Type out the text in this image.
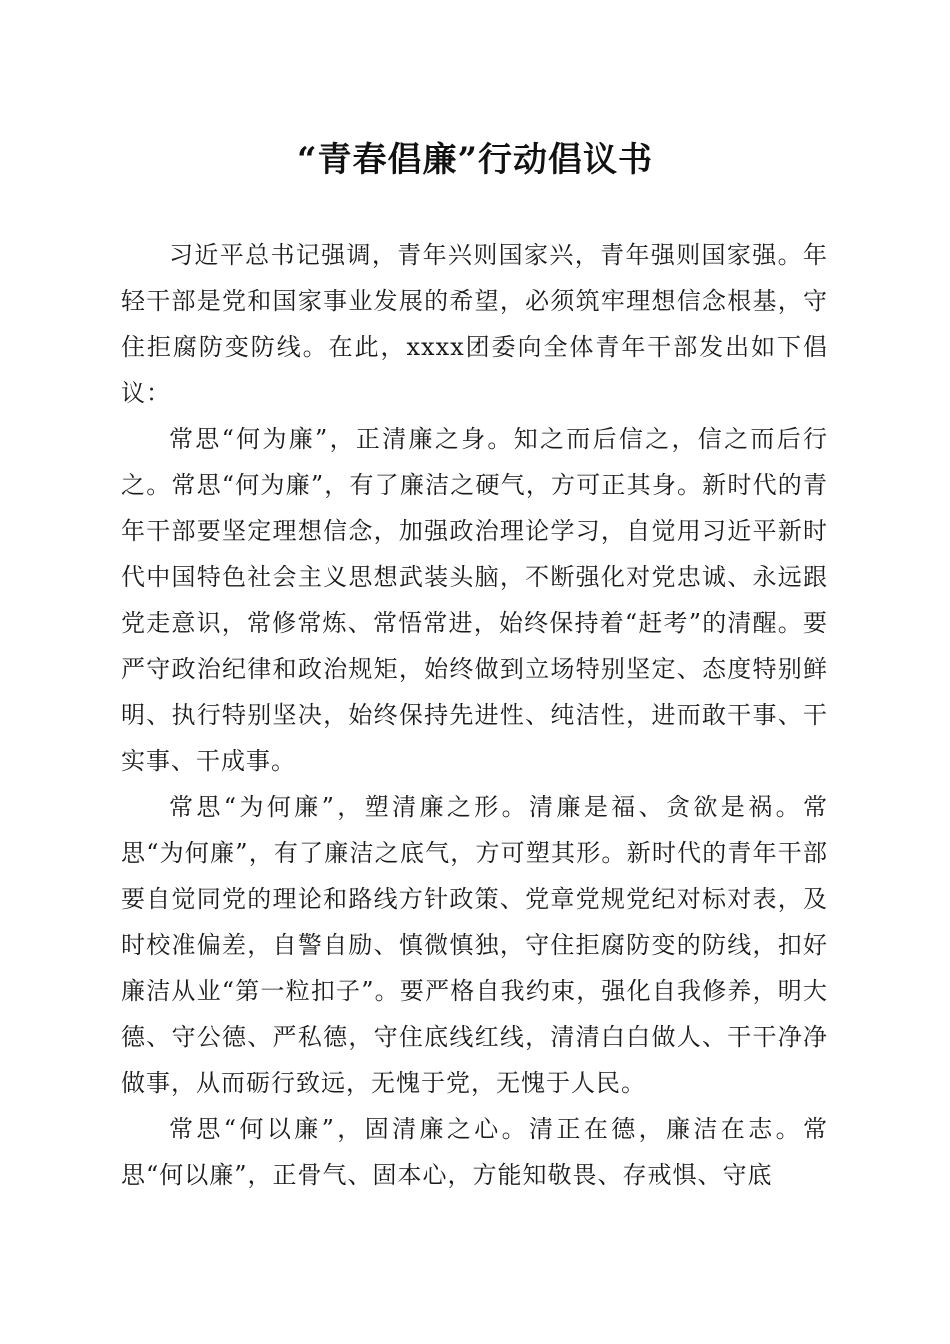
“青春倡廉”行动倡议书

习近平总书记强调，青年兴则国家兴，青年强则国家强。年轻干部是党和国家事业发展的希望，必须筑牢理想信念根基，守住拒腐防变防线。在此，xxxx团委向全体青年干部发出如下倡议：

常思“何为廉”，正清廉之身。知之而后信之，信之而后行之。常思“何为廉”，有了廉洁之硬气，方可正其身。新时代的青年干部要坚定理想信念，加强政治理论学习，自觉用习近平新时代中国特色社会主义思想武装头脑，不断强化对党忠诚、永远跟党走意识，常修常炼、常悟常进，始终保持着“赶考”的清醒。要严守政治纪律和政治规矩，始终做到立场特别坚定、态度特别鲜明、执行特别坚决，始终保持先进性、纯洁性，进而敢干事、干实事、干成事。

常思“为何廉”，塑清廉之形。清廉是福、贪欲是祸。常思“为何廉”，有了廉洁之底气，方可塑其形。新时代的青年干部要自觉同党的理论和路线方针政策、党章党规党纪对标对表，及时校准偏差，自警自励、慎微慎独，守住拒腐防变的防线，扣好廉洁从业“第一粒扣子”。要严格自我约束，强化自我修养，明大德、守公德、严私德，守住底线红线，清清白白做人、干干净净做事，从而砺行致远，无愧于党，无愧于人民。

常思“何以廉”，固清廉之心。清正在德，廉洁在志。常思“何以廉”，正骨气、固本心，方能知敬畏、存戒惧、守底
